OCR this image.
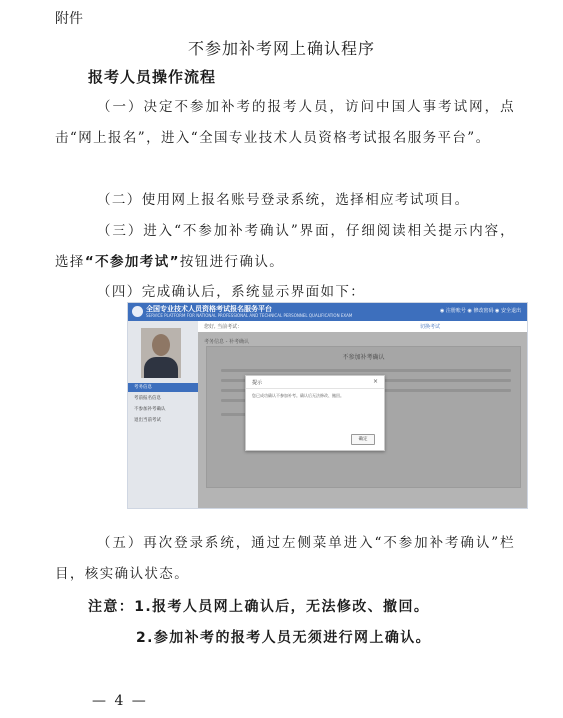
附件
不参加补考网上确认程序
报考人员操作流程
（一）决定不参加补考的报考人员，访问中国人事考试网，点击“网上报名”，进入“全国专业技术人员资格考试报名服务平台”。
（二）使用网上报名账号登录系统，选择相应考试项目。
（三）进入“不参加补考确认”界面，仔细阅读相关提示内容，选择“不参加考试”按钮进行确认。
（四）完成确认后，系统显示界面如下：
全国专业技术人员资格考试报名服务平台
SERVICE PLATFORM FOR NATIONAL PROFESSIONAL AND TECHNICAL PERSONNEL QUALIFICATION EXAM
◉ 注册账号 ◉ 修改密码 ◉ 安全退出
您好, 当前考试：	切换考试
考务信息
考前报名信息
不参加补考确认
退出当前考试
考务信息 - 补考确认
不参加补考确认
提示	×
您已成功确认不参加补考。确认后无法修改、撤回。
确定
（五）再次登录系统，通过左侧菜单进入“不参加补考确认”栏目，核实确认状态。
注意：1.报考人员网上确认后，无法修改、撤回。
2.参加补考的报考人员无须进行网上确认。
— 4 —
